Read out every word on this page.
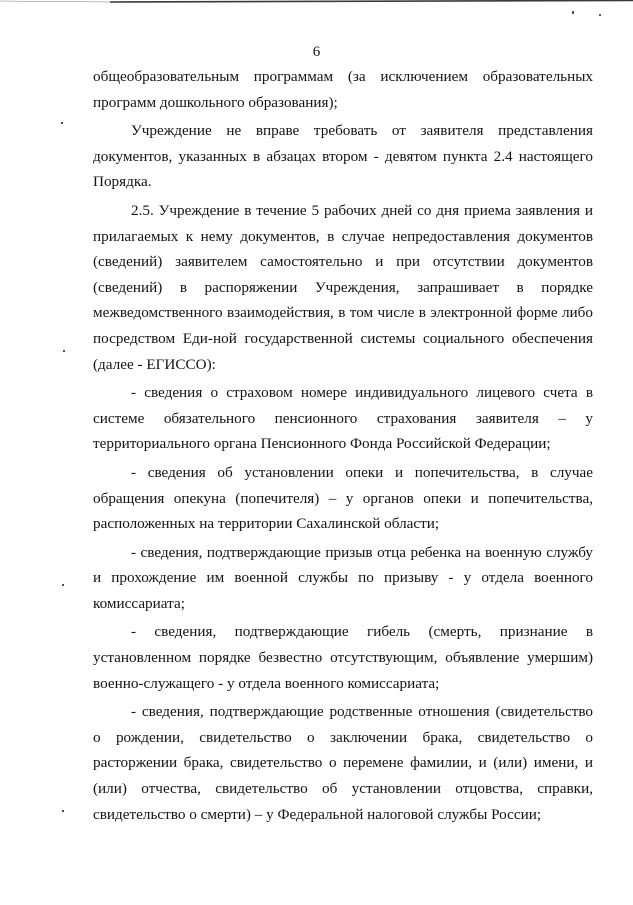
6

общеобразовательным программам (за исключением образовательных программ дошкольного образования);

Учреждение не вправе требовать от заявителя представления документов, указанных в абзацах втором - девятом пункта 2.4 настоящего Порядка.

2.5. Учреждение в течение 5 рабочих дней со дня приема заявления и прилагаемых к нему документов, в случае непредоставления документов (сведений) заявителем самостоятельно и при отсутствии документов (сведений) в распоряжении Учреждения, запрашивает в порядке межведомственного взаимодействия, в том числе в электронной форме либо посредством Еди-ной государственной системы социального обеспечения (далее - ЕГИССО):

- сведения о страховом номере индивидуального лицевого счета в системе обязательного пенсионного страхования заявителя – у территориального органа Пенсионного Фонда Российской Федерации;

- сведения об установлении опеки и попечительства, в случае обращения опекуна (попечителя) – у органов опеки и попечительства, расположенных на территории Сахалинской области;

- сведения, подтверждающие призыв отца ребенка на военную службу и прохождение им военной службы по призыву - у отдела военного комиссариата;

- сведения, подтверждающие гибель (смерть, признание в установленном порядке безвестно отсутствующим, объявление умершим) военно-служащего - у отдела военного комиссариата;

- сведения, подтверждающие родственные отношения (свидетельство о рождении, свидетельство о заключении брака, свидетельство о расторжении брака, свидетельство о перемене фамилии, и (или) имени, и (или) отчества, свидетельство об установлении отцовства, справки, свидетельство о смерти) – у Федеральной налоговой службы России;
